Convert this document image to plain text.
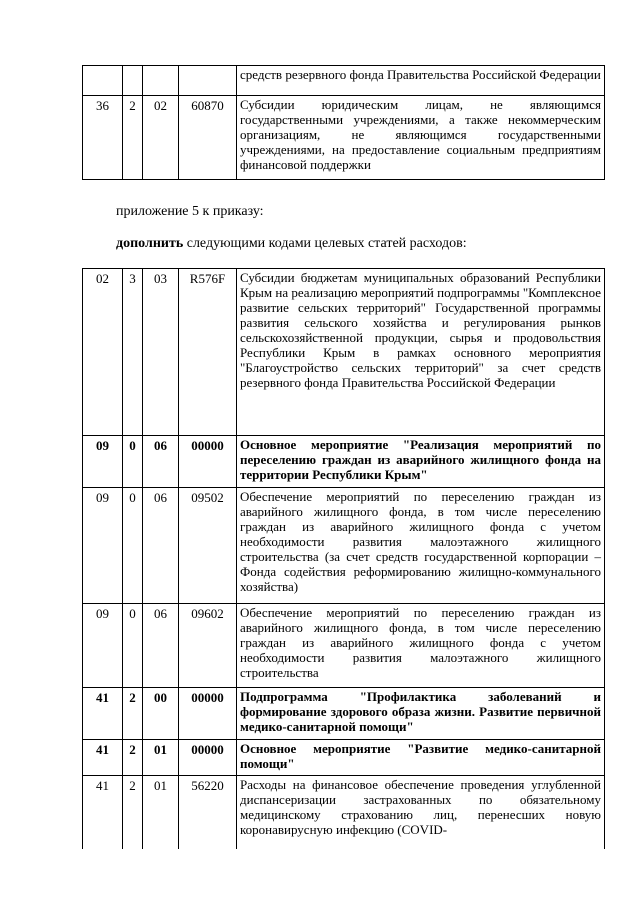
				средств резервного фонда Правительства Российской Федерации
36	2	02	60870	Субсидии юридическим лицам, не являющимся государственными учреждениями, а также некоммерческим организациям, не являющимся государственными учреждениями, на предоставление социальным предприятиям финансовой поддержки
приложение 5 к приказу:
дополнить следующими кодами целевых статей расходов:
02	3	03	R576F	Субсидии бюджетам муниципальных образований Республики Крым на реализацию мероприятий подпрограммы "Комплексное развитие сельских территорий" Государственной программы развития сельского хозяйства и регулирования рынков сельскохозяйственной продукции, сырья и продовольствия Республики Крым в рамках основного мероприятия "Благоустройство сельских территорий" за счет средств резервного фонда Правительства Российской Федерации
09	0	06	00000	Основное мероприятие "Реализация мероприятий по переселению граждан из аварийного жилищного фонда на территории Республики Крым"
09	0	06	09502	Обеспечение мероприятий по переселению граждан из аварийного жилищного фонда, в том числе переселению граждан из аварийного жилищного фонда с учетом необходимости развития малоэтажного жилищного строительства (за счет средств государственной корпорации – Фонда содействия реформированию жилищно-коммунального хозяйства)
09	0	06	09602	Обеспечение мероприятий по переселению граждан из аварийного жилищного фонда, в том числе переселению граждан из аварийного жилищного фонда с учетом необходимости развития малоэтажного жилищного строительства
41	2	00	00000	Подпрограмма "Профилактика заболеваний и формирование здорового образа жизни. Развитие первичной медико-санитарной помощи"
41	2	01	00000	Основное мероприятие "Развитие медико-санитарной помощи"
41	2	01	56220	Расходы на финансовое обеспечение проведения углубленной диспансеризации застрахованных по обязательному медицинскому страхованию лиц, перенесших новую коронавирусную инфекцию (COVID-
